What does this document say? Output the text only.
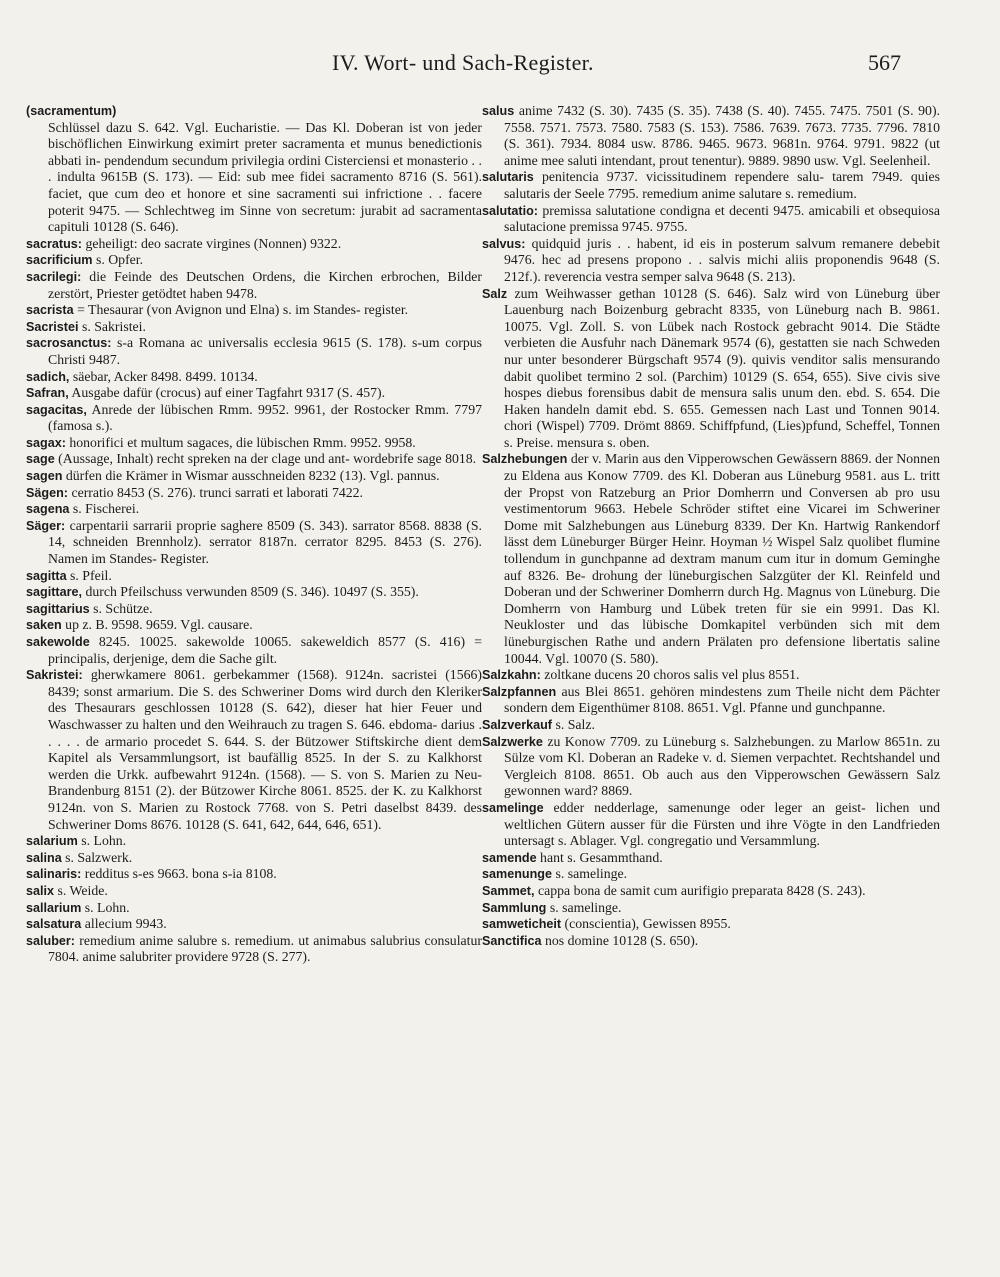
IV. Wort- und Sach-Register.	567

(sacramentum)
Schlüssel dazu S. 642. Vgl. Eucharistie. — Das Kl. Doberan ist von jeder bischöflichen Einwirkung eximirt preter sacramenta et munus benedictionis abbati in- pendendum secundum privilegia ordini Cisterciensi et monasterio . . . indulta 9615B (S. 173). — Eid: sub mee fidei sacramento 8716 (S. 561). faciet, que cum deo et honore et sine sacramenti sui infrictione . . facere poterit 9475. — Schlechtweg im Sinne von secretum: jurabit ad sacramenta capituli 10128 (S. 646).

sacratus: geheiligt: deo sacrate virgines (Nonnen) 9322.

sacrificium s. Opfer.

sacrilegi: die Feinde des Deutschen Ordens, die Kirchen erbrochen, Bilder zerstört, Priester getödtet haben 9478.

sacrista = Thesaurar (von Avignon und Elna) s. im Standes- register.

Sacristei s. Sakristei.

sacrosanctus: s-a Romana ac universalis ecclesia 9615 (S. 178). s-um corpus Christi 9487.

sadich, säebar, Acker 8498. 8499. 10134.

Safran, Ausgabe dafür (crocus) auf einer Tagfahrt 9317 (S. 457).

sagacitas, Anrede der lübischen Rmm. 9952. 9961, der Rostocker Rmm. 7797 (famosa s.).

sagax: honorifici et multum sagaces, die lübischen Rmm. 9952. 9958.

sage (Aussage, Inhalt) recht spreken na der clage und ant- wordebrife sage 8018.

sagen dürfen die Krämer in Wismar ausschneiden 8232 (13). Vgl. pannus.

Sägen: cerratio 8453 (S. 276). trunci sarrati et laborati 7422.

sagena s. Fischerei.

Säger: carpentarii sarrarii proprie saghere 8509 (S. 343). sarrator 8568. 8838 (S. 14, schneiden Brennholz). serrator 8187n. cerrator 8295. 8453 (S. 276). Namen im Standes- Register.

sagitta s. Pfeil.

sagittare, durch Pfeilschuss verwunden 8509 (S. 346). 10497 (S. 355).

sagittarius s. Schütze.

saken up z. B. 9598. 9659. Vgl. causare.

sakewolde 8245. 10025. sakewolde 10065. sakeweldich 8577 (S. 416) = principalis, derjenige, dem die Sache gilt.

Sakristei: gherwkamere 8061. gerbekammer (1568). 9124n. sacristei (1566) 8439; sonst armarium. Die S. des Schweriner Doms wird durch den Kleriker des Thesaurars geschlossen 10128 (S. 642), dieser hat hier Feuer und Waschwasser zu halten und den Weihrauch zu tragen S. 646. ebdoma- darius . . . . . de armario procedet S. 644. S. der Bützower Stiftskirche dient dem Kapitel als Versammlungsort, ist baufällig 8525. In der S. zu Kalkhorst werden die Urkk. aufbewahrt 9124n. (1568). — S. von S. Marien zu Neu- Brandenburg 8151 (2). der Bützower Kirche 8061. 8525. der K. zu Kalkhorst 9124n. von S. Marien zu Rostock 7768. von S. Petri daselbst 8439. des Schweriner Doms 8676. 10128 (S. 641, 642, 644, 646, 651).

salarium s. Lohn.

salina s. Salzwerk.

salinaris: redditus s-es 9663. bona s-ia 8108.

salix s. Weide.

sallarium s. Lohn.

salsatura allecium 9943.

saluber: remedium anime salubre s. remedium. ut animabus salubrius consulatur 7804. anime salubriter providere 9728 (S. 277).

salus anime 7432 (S. 30). 7435 (S. 35). 7438 (S. 40). 7455. 7475. 7501 (S. 90). 7558. 7571. 7573. 7580. 7583 (S. 153). 7586. 7639. 7673. 7735. 7796. 7810 (S. 361). 7934. 8084 usw. 8786. 9465. 9673. 9681n. 9764. 9791. 9822 (ut anime mee saluti intendant, prout tenentur). 9889. 9890 usw. Vgl. Seelenheil.

salutaris penitencia 9737. vicissitudinem rependere salu- tarem 7949. quies salutaris der Seele 7795. remedium anime salutare s. remedium.

salutatio: premissa salutatione condigna et decenti 9475. amicabili et obsequiosa salutacione premissa 9745. 9755.

salvus: quidquid juris . . habent, id eis in posterum salvum remanere debebit 9476. hec ad presens propono . . salvis michi aliis proponendis 9648 (S. 212f.). reverencia vestra semper salva 9648 (S. 213).

Salz zum Weihwasser gethan 10128 (S. 646). Salz wird von Lüneburg über Lauenburg nach Boizenburg gebracht 8335, von Lüneburg nach B. 9861. 10075. Vgl. Zoll. S. von Lübek nach Rostock gebracht 9014. Die Städte verbieten die Ausfuhr nach Dänemark 9574 (6), gestatten sie nach Schweden nur unter besonderer Bürgschaft 9574 (9). quivis venditor salis mensurando dabit quolibet termino 2 sol. (Parchim) 10129 (S. 654, 655). Sive civis sive hospes diebus forensibus dabit de mensura salis unum den. ebd. S. 654. Die Haken handeln damit ebd. S. 655. Gemessen nach Last und Tonnen 9014. chori (Wispel) 7709. Drömt 8869. Schiffpfund, (Lies)pfund, Scheffel, Tonnen s. Preise. mensura s. oben.

Salzhebungen der v. Marin aus den Vipperowschen Gewässern 8869. der Nonnen zu Eldena aus Konow 7709. des Kl. Doberan aus Lüneburg 9581. aus L. tritt der Propst von Ratzeburg an Prior Domherrn und Conversen ab pro usu vestimentorum 9663. Hebele Schröder stiftet eine Vicarei im Schweriner Dome mit Salzhebungen aus Lüneburg 8339. Der Kn. Hartwig Rankendorf lässt dem Lüneburger Bürger Heinr. Hoyman ½ Wispel Salz quolibet flumine tollendum in gunchpanne ad dextram manum cum itur in domum Geminghe auf 8326. Be- drohung der lüneburgischen Salzgüter der Kl. Reinfeld und Doberan und der Schweriner Domherrn durch Hg. Magnus von Lüneburg. Die Domherrn von Hamburg und Lübek treten für sie ein 9991. Das Kl. Neukloster und das lübische Domkapitel verbünden sich mit dem lüneburgischen Rathe und andern Prälaten pro defensione libertatis saline 10044. Vgl. 10070 (S. 580).

Salzkahn: zoltkane ducens 20 choros salis vel plus 8551.

Salzpfannen aus Blei 8651. gehören mindestens zum Theile nicht dem Pächter sondern dem Eigenthümer 8108. 8651. Vgl. Pfanne und gunchpanne.

Salzverkauf s. Salz.

Salzwerke zu Konow 7709. zu Lüneburg s. Salzhebungen. zu Marlow 8651n. zu Sülze vom Kl. Doberan an Radeke v. d. Siemen verpachtet. Rechtshandel und Vergleich 8108. 8651. Ob auch aus den Vipperowschen Gewässern Salz gewonnen ward? 8869.

samelinge edder nedderlage, samenunge oder leger an geist- lichen und weltlichen Gütern ausser für die Fürsten und ihre Vögte in den Landfrieden untersagt s. Ablager. Vgl. congregatio und Versammlung.

samende hant s. Gesammthand.

samenunge s. samelinge.

Sammet, cappa bona de samit cum aurifigio preparata 8428 (S. 243).

Sammlung s. samelinge.

samweticheit (conscientia), Gewissen 8955.

Sanctifica nos domine 10128 (S. 650).
